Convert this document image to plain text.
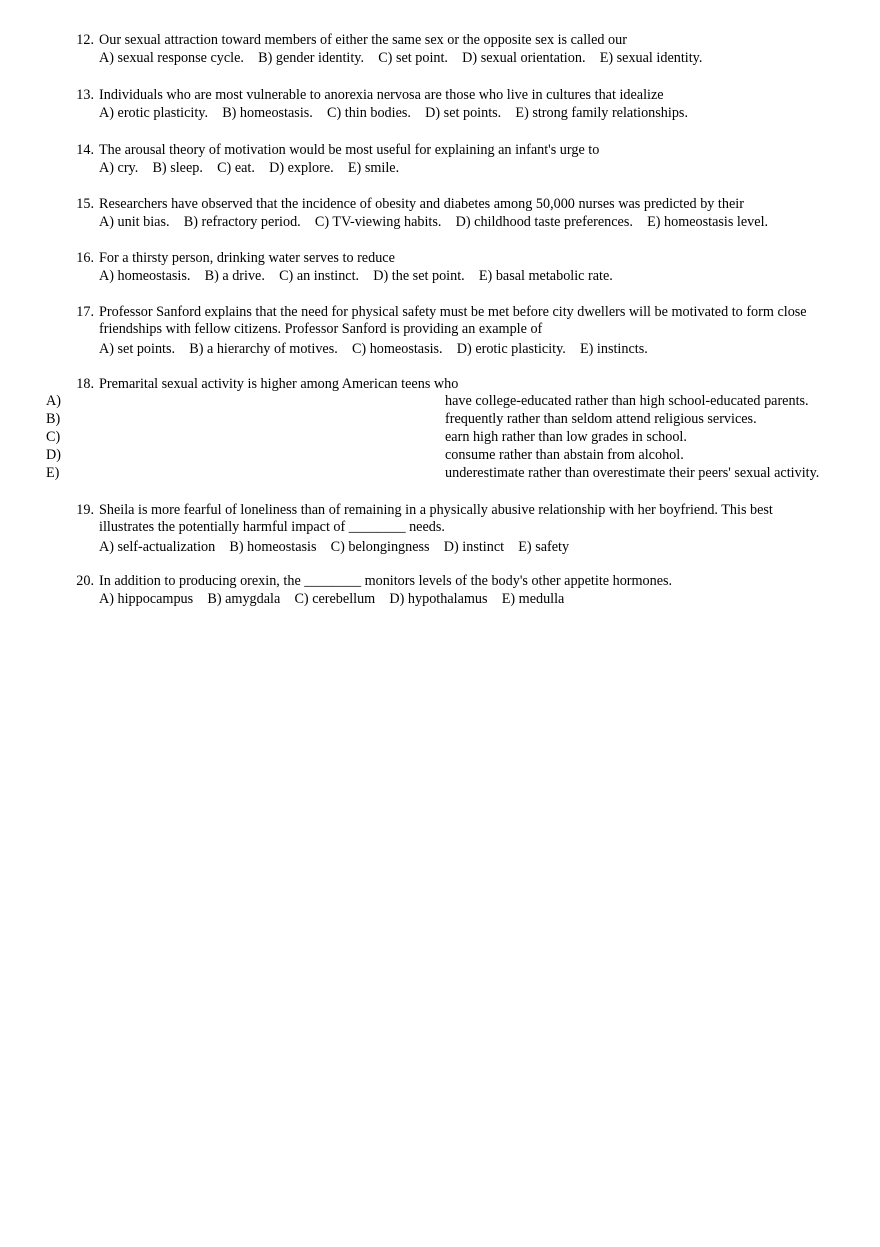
12. Our sexual attraction toward members of either the same sex or the opposite sex is called our
A) sexual response cycle. B) gender identity. C) set point. D) sexual orientation. E) sexual identity.
13. Individuals who are most vulnerable to anorexia nervosa are those who live in cultures that idealize
A) erotic plasticity. B) homeostasis. C) thin bodies. D) set points. E) strong family relationships.
14. The arousal theory of motivation would be most useful for explaining an infant's urge to
A) cry. B) sleep. C) eat. D) explore. E) smile.
15. Researchers have observed that the incidence of obesity and diabetes among 50,000 nurses was predicted by their
A) unit bias. B) refractory period. C) TV-viewing habits. D) childhood taste preferences. E) homeostasis level.
16. For a thirsty person, drinking water serves to reduce
A) homeostasis. B) a drive. C) an instinct. D) the set point. E) basal metabolic rate.
17. Professor Sanford explains that the need for physical safety must be met before city dwellers will be motivated to form close friendships with fellow citizens. Professor Sanford is providing an example of
A) set points. B) a hierarchy of motives. C) homeostasis. D) erotic plasticity. E) instincts.
18. Premarital sexual activity is higher among American teens who
A)	have college-educated rather than high school-educated parents.
B)	frequently rather than seldom attend religious services.
C)	earn high rather than low grades in school.
D)	consume rather than abstain from alcohol.
E)	underestimate rather than overestimate their peers' sexual activity.
19. Sheila is more fearful of loneliness than of remaining in a physically abusive relationship with her boyfriend. This best illustrates the potentially harmful impact of ________ needs.
A) self-actualization B) homeostasis C) belongingness D) instinct E) safety
20. In addition to producing orexin, the ________ monitors levels of the body's other appetite hormones.
A) hippocampus B) amygdala C) cerebellum D) hypothalamus E) medulla
